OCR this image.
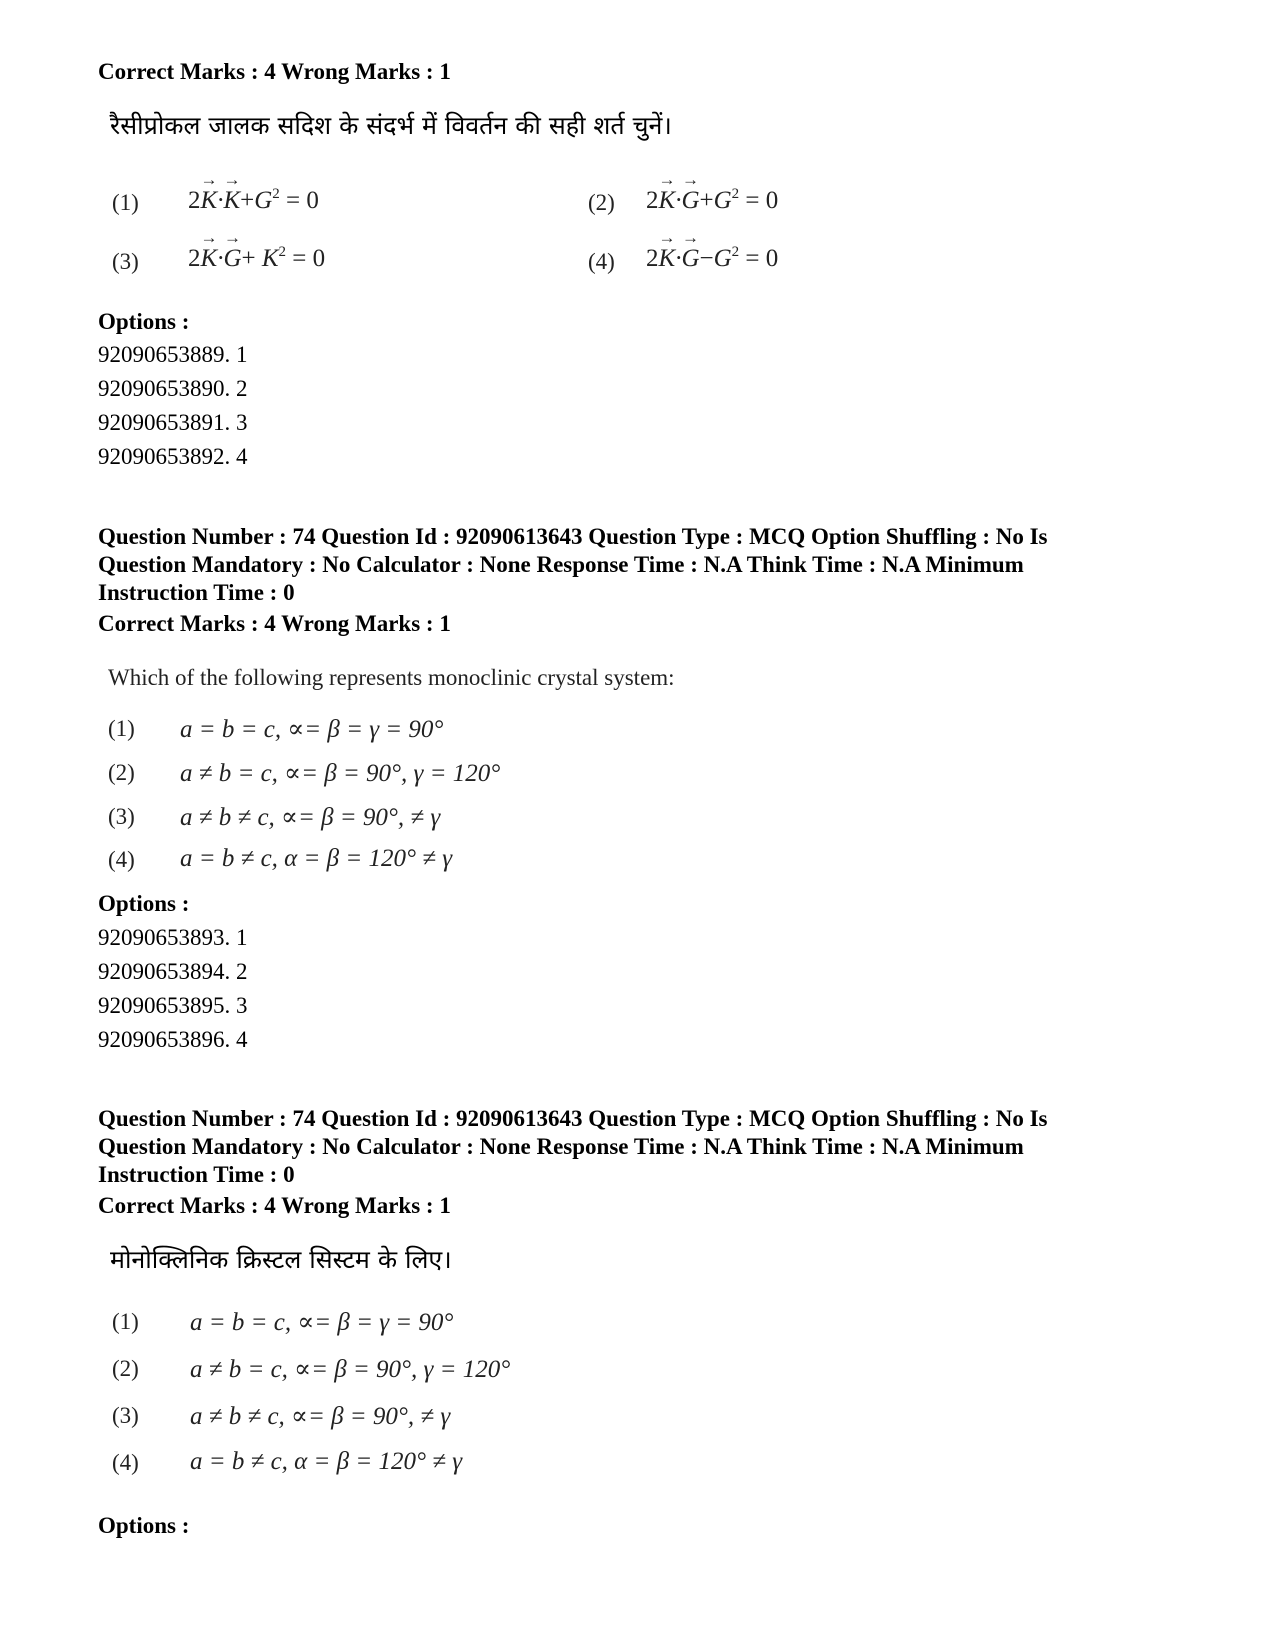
Correct Marks : 4 Wrong Marks : 1
रैसीप्रोकल जालक सदिश के संदर्भ में विवर्तन की सही शर्त चुनें।
(1) $2\to K\cdot\to K+G^2 = 0$	(2) $2\to K\cdot\to G+G^2 = 0$
(3) $2\to K\cdot\to G+ K^2 = 0$	(4) $2\to K\cdot\to G-G^2 = 0$
Options :
92090653889. 1
92090653890. 2
92090653891. 3
92090653892. 4
Question Number : 74 Question Id : 92090613643 Question Type : MCQ Option Shuffling : No Is
Question Mandatory : No Calculator : None Response Time : N.A Think Time : N.A Minimum
Instruction Time : 0
Correct Marks : 4 Wrong Marks : 1
Which of the following represents monoclinic crystal system:
(1) a = b = c, ∝= β = γ = 90°
(2) a ≠ b = c, ∝= β = 90°, γ = 120°
(3) a ≠ b ≠ c, ∝= β = 90°, ≠ γ
(4) a = b ≠ c, α = β = 120° ≠ γ
Options :
92090653893. 1
92090653894. 2
92090653895. 3
92090653896. 4
Question Number : 74 Question Id : 92090613643 Question Type : MCQ Option Shuffling : No Is
Question Mandatory : No Calculator : None Response Time : N.A Think Time : N.A Minimum
Instruction Time : 0
Correct Marks : 4 Wrong Marks : 1
मोनोक्लिनिक क्रिस्टल सिस्टम के लिए।
(1) a = b = c, ∝= β = γ = 90°
(2) a ≠ b = c, ∝= β = 90°, γ = 120°
(3) a ≠ b ≠ c, ∝= β = 90°, ≠ γ
(4) a = b ≠ c, α = β = 120° ≠ γ
Options :
